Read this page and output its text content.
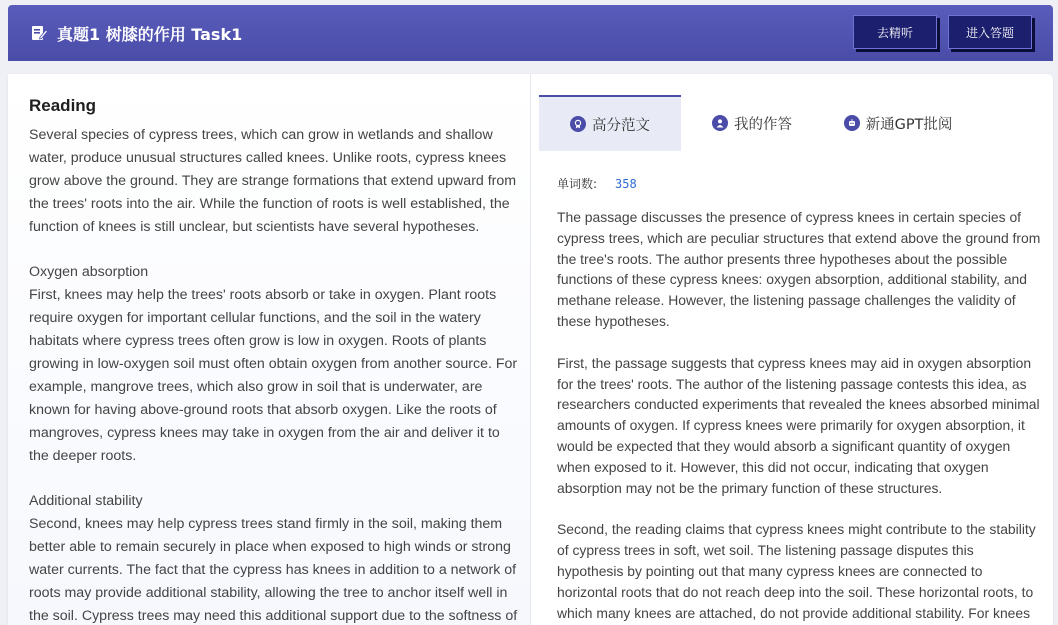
真题1 树膝的作用 Task1	去精听	进入答题
Reading

Several species of cypress trees, which can grow in wetlands and shallow water, produce unusual structures called knees. Unlike roots, cypress knees grow above the ground. They are strange formations that extend upward from the trees' roots into the air. While the function of roots is well established, the function of knees is still unclear, but scientists have several hypotheses.

Oxygen absorption

First, knees may help the trees' roots absorb or take in oxygen. Plant roots require oxygen for important cellular functions, and the soil in the watery habitats where cypress trees often grow is low in oxygen. Roots of plants growing in low-oxygen soil must often obtain oxygen from another source. For example, mangrove trees, which also grow in soil that is underwater, are known for having above-ground roots that absorb oxygen. Like the roots of mangroves, cypress knees may take in oxygen from the air and deliver it to the deeper roots.

Additional stability

Second, knees may help cypress trees stand firmly in the soil, making them better able to remain securely in place when exposed to high winds or strong water currents. The fact that the cypress has knees in addition to a network of roots may provide additional stability, allowing the tree to anchor itself well in the soil. Cypress trees may need this additional support due to the softness of

高分范文	我的作答	新通GPT批阅
单词数: 358

The passage discusses the presence of cypress knees in certain species of cypress trees, which are peculiar structures that extend above the ground from the tree's roots. The author presents three hypotheses about the possible functions of these cypress knees: oxygen absorption, additional stability, and methane release. However, the listening passage challenges the validity of these hypotheses.

First, the passage suggests that cypress knees may aid in oxygen absorption for the trees' roots. The author of the listening passage contests this idea, as researchers conducted experiments that revealed the knees absorbed minimal amounts of oxygen. If cypress knees were primarily for oxygen absorption, it would be expected that they would absorb a significant quantity of oxygen when exposed to it. However, this did not occur, indicating that oxygen absorption may not be the primary function of these structures.

Second, the reading claims that cypress knees might contribute to the stability of cypress trees in soft, wet soil. The listening passage disputes this hypothesis by pointing out that many cypress knees are connected to horizontal roots that do not reach deep into the soil. These horizontal roots, to which many knees are attached, do not provide additional stability. For knees
